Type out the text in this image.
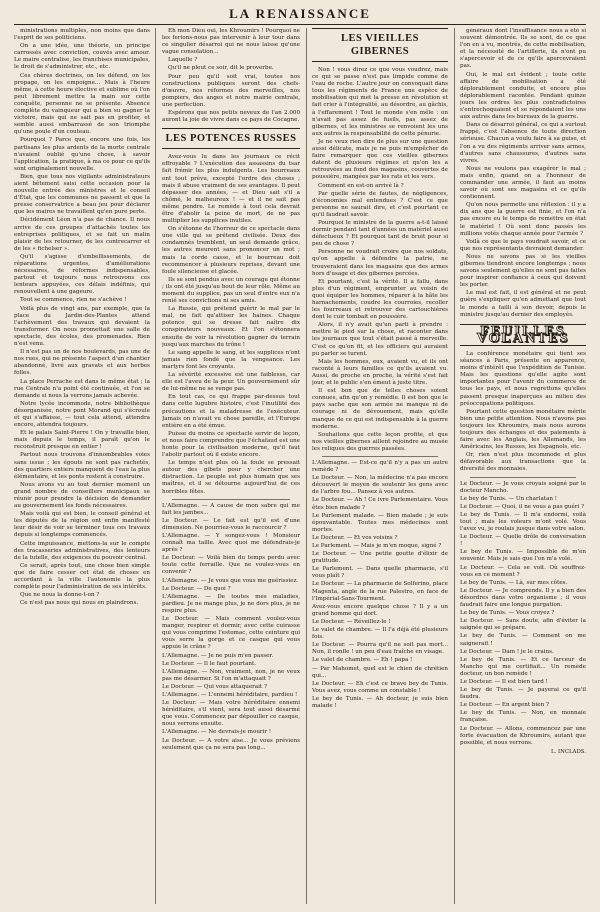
LA RENAISSANCE

ministrations multiples, non moins que dans l'esprit de ses politiciens.

On a une idée, une théorie, un principe carrossés avec conviction, couvés avec amour. Le maire centralise, les franchises municipales, le droit de s'administrer, etc., etc.

Ces chères doctrines, on les défend, on les propage, on les empoigne... Mais à l'heure même, à cette heure élective et sublime où l'on peut librement mettre la main sur cette conquête, personne ne se présente. Absence complète du vainqueur qui a bien su gagner la victoire, mais qui ne sait pas en profiter, et semble aussi embarrassé de son triomphe qu'une poule d'un couteau.

Pourquoi ? Parce que, encore une fois, les partisans les plus ardents de la morte centrale n'avaient oublié qu'une chose, à savoir l'application, la pratique, à ma ce pour ce qu'ils sont originalement nouvelle.

Bien, que tous nos vigilants administrateurs aient bêtement saisi cette occasion pour la nouvelle entrée des ministres et le conseil d'État, que les communes ne passent et que la presse conservatrice a beau jeu pour déclarer que les maires ne travaillent qu'en pure perte.

Décidément Léon n'a pas de chance. Il nous arrive de ces groupes d'attachés toutes les entreprises politiques, et se fait un malin plaisir de les retourner, de les contrecarrer et de les « fichelser ».

Qu'il s'agisse d'embellissements, de réparations urgentes, d'améliorations nécessaires, de réformes indispensables, partout et toujours nous retrouvons ces lenteurs appuyées, ces délais indéfinis, qui renouvellent à une gageure.

Tout se commence, rien ne s'achève !

Voilà plus de vingt ans, par exemple, que la place du Jardin-des-Plantes attend l'achèvement des travaux qui devaient la transformer. On nous promettait une salle de spectacle, des écoles, des promenades. Rien n'est venu.

Il n'est pas un de nos boulevards, pas une de nos rues, qui ne présente l'aspect d'un chantier abandonné, livré aux gravats et aux herbes folles.

La place Perrache est dans le même état ; la rue Centrale n'a point été continuée, et l'on se demande si nous la verrons jamais achevée.

Notre lycée incommode, notre bibliothèque désorganisée, notre pont Morand qui s'écroule et qui s'affaisse, — tout cela attend, attendra encore, attendra toujours.

Et le palais Saint-Pierre ! On y travaille bien, mais depuis le temps, il paraît qu'on le reconstruit presque en entier !

Partout nous trouvons d'innombrables voies sans issue ; les égouts ne sont pas rachetés, des quartiers entiers manquent de l'eau la plus élémentaire, et les ponts restent à construire.

Nous avons vu au tout dernier moment un grand nombre de conseillers municipaux se réunir pour prendre la décision de demander au gouvernement les fonds nécessaires.

Mais voilà qui est bien, le conseil général et les députés de la région ont enfin manifesté leur désir de voir se terminer tous ces travaux depuis si longtemps commencés.

Cette impuissance, mettons-la sur le compte des tracasseries administratives, des lenteurs de la tutelle, des exigences du pouvoir central.

Ce serait, après tout, une chose bien simple que de faire cesser cet état de choses en accordant à la ville l'autonomie la plus complète pour l'administration de ses intérêts.

Que ne nous la donne-t-on ?

Ce n'est pas nous qui nous en plaindrons.

Eh mon Dieu oui, les Khroumirs ! Pourquoi ne les ferions-nous pas intervenir à leur tour dans ce singulier désarroi qui ne nous laisse qu'une vague consolation...

Laquelle ?

Qu'il ne pleut ce soir, dit le proverbe.

Pour peu qu'il soit vrai, toutes nos constructions publiques seront des chefs-d'œuvre, nos réformes des merveilles, nos pompiers, des anges et notre mairie centrale, une perfection.

Espérons que nos petits neveux de l'an 2.000 auront la joie de vivre dans ce pays de Cocagne.

LES POTENCES RUSSES

Avez-vous lu dans les journaux ce récit effroyable ? L'exécution des assassins du tsar fait frémir les plus indulgents. Les bourreaux ont tout prévu, excepté l'ordre des choses ; mais il abuse vraiment de ses avantages. Il peut dépasser des années, — et Dieu sait s'il a chômé, le malheureux ! — et il ne sait pas même pendre. Le remède à tout cela devrait être d'abolir la peine de mort, de ne pas multiplier les supplices inutiles.

On s'étonne de l'horreur de ce spectacle dans une ville qui se prétend civilisée. Deux des condamnés tremblent, un seul demande grâce, les autres meurent sans prononcer un mot ; mais la corde casse, et le bourreau doit recommencer à plusieurs reprises, devant une foule silencieuse et glacée.

Ils se sont pendus avec un courage qui étonne ; ils ont été jusqu'au bout de leur rôle. Même au moment du supplice, pas un seul d'entre eux n'a renié ses convictions ni ses amis.

La Russie, qui prétend guérir le mal par le mal, ne fait qu'attiser les haines. Chaque potence qui se dresse fait naître dix conspirateurs nouveaux. Et l'on s'étonnera ensuite de voir la révolution gagner du terrain jusqu'aux marches du trône !

Le sang appelle le sang, et les supplices n'ont jamais rien fondé que la vengeance. Les martyrs font les croyants.

La sévérité excessive est une faiblesse, car elle est l'aveu de la peur. Un gouvernement sûr de lui-même ne se venge pas.

En tout cas, ce qui frappe par-dessus tout dans cette lugubre histoire, c'est l'inutilité des précautions et la maladresse de l'exécuteur. Jamais on n'avait vu chose pareille, et l'Europe entière en a été émue.

Puisse du moins ce spectacle servir de leçon, et nous faire comprendre que l'échafaud est une honte pour la civilisation moderne, qu'il faut l'abolir partout où il existe encore.

Le temps n'est plus où la foule se pressait autour des gibets pour y chercher une distraction. Le peuple est plus humain que ses maîtres, et il se détourne aujourd'hui de ces horribles fêtes.

L'Allemagne. — A cause de mon sabre qui me fait les jambes...

Le Docteur. — Le fait est qu'il est d'une dimension. Ne pourriez-vous le raccourcir ?

L'Allemagne. — Y songez-vous ! Monsieur connaît ma taille. Avec quoi me défendrais-je après ?

Le Docteur. — Voilà bien du temps perdu avec toute cette ferraille. Que ne voulez-vous en convenir ?

L'Allemagne. — Je vous que vous me guérissiez.

Le Docteur. — De quoi ?

L'Allemagne. — De toutes mes maladies, pardieu. Je ne mange plus, je ne dors plus, je ne respire plus.

Le Docteur. — Mais comment voulez-vous manger, respirer et dormir, avec cette cuirasse qui vous comprime l'estomac, cette ceinture qui vous serre la gorge et ce casque qui vous appuie le crâne ?

L'Allemagne. — Je ne puis m'en passer.

Le Docteur. — Il le faut pourtant.

L'Allemagne. — Non, vraiment, non, je ne veux pas me désarmer. Si l'on m'attaquait ?

Le Docteur. — Qui vous attaquerait ?

L'Allemagne. — L'ennemi héréditaire, pardieu !

Le Docteur. — Mais votre héréditaire ennemi héréditaire, s'il vient, sera tout aussi désarmé que vous. Commencez par dépouiller ce casque, nous verrons ensuite.

L'Allemagne. — Ne devrais-je mourir !

Le Docteur. — A votre aise... Je vous préviens seulement que ça ne sera pas long...

LES VIEILLES GIBERNES

Non ! vous direz ce que vous voudrez, mais ce qui se passe n'est pas limpide comme de l'eau de roche. L'autre jour on convoquait dans tous les régiments de France une espèce de mobilisation qui met la presse en révolution et fait crier à l'intégralité, au désordre, au gâchis, à l'effarement ! Tout le monde s'en mêle : on n'avait pas assez de fusils, pas assez de gibernes, et les ministres se renvoient les uns aux autres la responsabilité de cette pénurie.

Je ne veux rien dire de plus sur une question aussi délicate, mais je ne puis m'empêcher de faire remarquer que ces vieilles gibernes datent de plusieurs régimes et qu'on les a retrouvées au fond des magasins, couvertes de poussière, mangées par les rats et les vers.

Comment en est-on arrivé là ?

Par quelle série de fautes, de négligences, d'économies mal entendues ? C'est ce que personne ne saurait dire, et c'est pourtant ce qu'il faudrait savoir.

Pourquoi le ministre de la guerre a-t-il laissé dormir pendant tant d'années un matériel aussi défectueux ? Et pourquoi tant de bruit pour si peu de chose ?

Personne ne voudrait croire que nos soldats, qu'on appelle à défendre la patrie, ne trouveraient dans les magasins que des armes hors d'usage et des gibernes percées.

Et pourtant, c'est la vérité. Il a fallu, dans plus d'un régiment, emprunter au voisin de quoi équiper les hommes, réparer à la hâte les harnachements, coudre les courroies, recoller les fourreaux et retrouver des cartouchières dont le cuir tombait en poussière.

Alors, il n'y avait qu'un parti à prendre : mettre le pied sur la chose, et raconter dans les journaux que tout s'était passé à merveille. C'est ce qu'on fit, et les officiers qui auraient pu parler se turent.

Mais les hommes, eux, avaient vu, et ils ont raconté à leurs familles ce qu'ils avaient vu. Aussi, de proche en proche, la vérité s'est fait jour, et le public s'en émeut à juste titre.

Il est bon que de telles choses soient connues, afin qu'on y remédie. Il est bon que le pays sache que son armée ne manque ni de courage ni de dévouement, mais qu'elle manque de ce qui est indispensable à la guerre moderne.

Souhaitons que cette leçon profite, et que nos vieilles gibernes aillent rejoindre au musée les reliques des guerres passées.

L'Allemagne. — Est-ce qu'il n'y a pas un autre remède ?

Le Docteur. — Non, la médecine n'a pas encore découvert le moyen de soutenir les gens avec de l'arbre fou... Pansez à vos autres.

Le Docteur. — Ah ! Ce ivre Parlementaire. Vous êtes bien malade ?

Le Parlement malade. — Bien malade ; je suis épouvantable. Toutes mes médecines sont mortes.

Le Docteur. — Et vos voisins ?

Le Parlement. — Mais je m'en moque, signé ?

Le Docteur. — Une petite goutte d'élixir de gratitude.

Le Parlement. — Dans quelle pharmacie, s'il vous plaît ?

Le Docteur. — La pharmacie de Solferino, place Magenta, angle de la rue Palestro, en face de l'Impérial-Sans-Tourment.

Avez-vous encore quelque chose ? Il y a un grand homme qui dort.

Le Docteur. — Réveillez-le !

Le valet de chambre. — Il l'a déjà été plusieurs fois.

Le Docteur. — Pourra qu'il ne soit pas mort... Non, il ronfle ! un peu d'eau fraîche en visage.

Le valet de chambre. — Eh ! papa !

— Par Mahomet, quel est le chien de chrétien qui...

Le Docteur. — Eh c'est ce brave bey de Tunis. Vous avez, vous comme un constable !

Le bey de Tunis. — Ah docteur, je suis bien malade !

généraux dont l'insuffisance nous a été si souvent démontrée. Ils se sont, de ce que l'on en a vu, montrés, de cette mobilisation, et la nécessité de l'artillerie, ils n'ont pu s'apercevoir et de ce qu'ils apercevraient pas.

Oui, le mal est évident ; toute cette affaire de mobilisation a été déplorablement conduite, et encore plus déplorablement racontée. Pendant quinze jours les ordres les plus contradictoires s'entrechoquaient et se répondaient les uns aux autres dans les bureaux de la guerre.

Dans ce désarroi général, ce qui a surtout frappé, c'est l'absence de toute direction sérieuse. Chacun a voulu faire à sa guise, et l'on a vu des régiments arriver sans armes, d'autres sans chaussures, d'autres sans vivres.

Nous ne voulons pas exagérer le mal ; mais enfin, quand on a l'honneur de commander une armée, il faut au moins savoir où sont ses magasins et ce qu'ils contiennent.

Qu'on nous permette une réflexion : il y a dix ans que la guerre est finie, et l'on n'a pas encore eu le temps de remettre en état le matériel ! Où sont donc passés les millions votés chaque année pour l'armée ?

Voilà ce que le pays voudrait savoir, et ce que nos représentants devraient demander.

Nous ne savons pas si les vieilles gibernes tiendront encore longtemps ; nous savons seulement qu'elles ne sont pas faites pour inspirer confiance à ceux qui doivent les porter.

Le mal est fait, il est général et ne peut guère s'expliquer qu'en admettant que tout le monde a failli à son devoir, depuis le ministre jusqu'au dernier des employés.

FEUILLES VOLANTES

La conférence monétaire qui tient ses séances à Paris, présente en apparence, moins d'intérêt que l'expédition de Tunisie. Mais les questions qu'elle agite sont importantes pour l'avenir du commerce de tous les pays, et nous regrettons qu'elles passent presque inaperçues au milieu des préoccupations politiques.

Pourtant cette question monétaire mérite bien une petite attention. Nous n'avons pas toujours les Khroumirs, mais nous aurons toujours des échanges et des paiements à faire avec les Anglais, les Allemands, les Américains, les Russes, les Espagnols, etc.

Or, rien n'est plus incommode et plus défavorable aux transactions que la diversité des monnaies.

Le Docteur. — Je vous croyais soigné par le docteur Mancho.

Le bey de Tunis. — Un charlatan !

Le Docteur. — Quoi, il ne vous a pas guéri ?

Le bey de Tunis. — Il m'a endormi, voilà tout ; mais les voleurs m'ont volé. Vous l'avez vu, je roulais jusque dans votre salon.

Le Docteur. — Quelle drôle de conversation !

Le bey de Tunis. — Impossible de m'en souvenir. Mais je sais que l'on m'a volé.

Le Docteur. — Cela se voit. Où souffrez-vous en ce moment ?

Le bey de Tunis. — Là, sur mes côtes.

Le Docteur. — Je comprends. Il y a bien des désordres dans votre organisme ; il vous faudrait faire une longue purgation.

Le bey de Tunis. — Vous croyez ?

Le Docteur. — Sans doute, afin d'éviter la saignée qui se prépare.

Le bey de Tunis. — Comment on me saignerait !

Le Docteur. — Dam ! je le crains.

Le bey de Tunis. — Et ce farceur de Mancho qui me certifiait... Un remède docteur, un bon remède !

Le Docteur. — Il est bien tard !

Le bey de Tunis. — Je payerai ce qu'il faudra.

Le Docteur. — En argent bien ?

Le bey de Tunis. — Non, en monnaie française.

Le Docteur. — Allons, commencez par une forte évacuation de Khroumirs, autant que possible, et nous verrons.

L. INCLADS.
